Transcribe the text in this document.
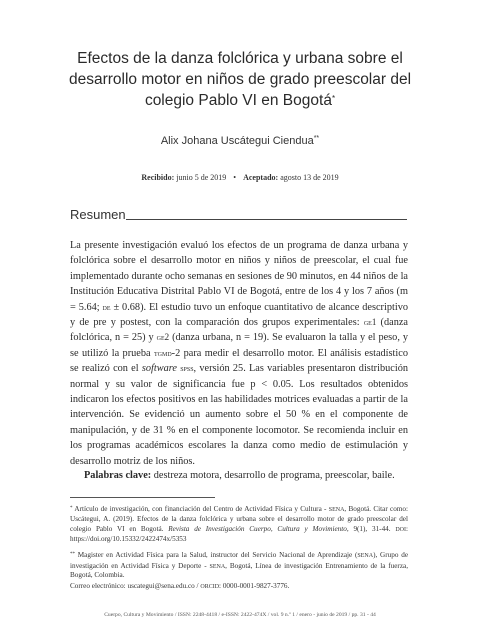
Efectos de la danza folclórica y urbana sobre el
desarrollo motor en niños de grado preescolar del
colegio Pablo VI en Bogotá*
Alix Johana Uscátegui Ciendua**
Recibido: junio 5 de 2019 • Aceptado: agosto 13 de 2019
Resumen

La presente investigación evaluó los efectos de un programa de danza urbana y folclórica sobre el desarrollo motor en niños y niños de preescolar, el cual fue implementado durante ocho semanas en sesiones de 90 minutos, en 44 niños de la Institución Educativa Distrital Pablo VI de Bogotá, entre de los 4 y los 7 años (m = 5.64; de ± 0.68). El estudio tuvo un enfoque cuantitativo de alcance descriptivo y de pre y postest, con la comparación dos grupos experimentales: ge1 (danza folclórica, n = 25) y ge2 (danza urbana, n = 19). Se evaluaron la talla y el peso, y se utilizó la prueba tgmd-2 para medir el desarrollo motor. El análisis estadístico se realizó con el software spss, versión 25. Las variables presentaron distribución normal y su valor de significancia fue p < 0.05. Los resultados obtenidos indicaron los efectos positivos en las habilidades motrices evaluadas a partir de la intervención. Se evidenció un aumento sobre el 50 % en el componente de manipulación, y de 31 % en el componente locomotor. Se recomienda incluir en los programas académicos escolares la danza como medio de estimulación y desarrollo motriz de los niños.

Palabras clave: destreza motora, desarrollo de programa, preescolar, baile.
* Artículo de investigación, con financiación del Centro de Actividad Física y Cultura - sena, Bogotá. Citar como: Uscátegui, A. (2019). Efectos de la danza folclórica y urbana sobre el desarrollo motor de grado preescolar del colegio Pablo VI en Bogotá. Revista de Investigación Cuerpo, Cultura y Movimiento, 9(1), 31-44. doi: https://doi.org/10.15332/2422474x/5353
** Magister en Actividad Física para la Salud, instructor del Servicio Nacional de Aprendizaje (sena), Grupo de investigación en Actividad Física y Deporte - sena, Bogotá, Línea de investigación Entrenamiento de la fuerza, Bogotá, Colombia.
Correo electrónico: uscategui@sena.edu.co / orcid: 0000-0001-9827-3776.
Cuerpo, Cultura y Movimiento / ISSN: 2248-4418 / e-ISSN: 2422-474X / vol. 9 n.º 1 / enero - junio de 2019 / pp. 31 - 44
